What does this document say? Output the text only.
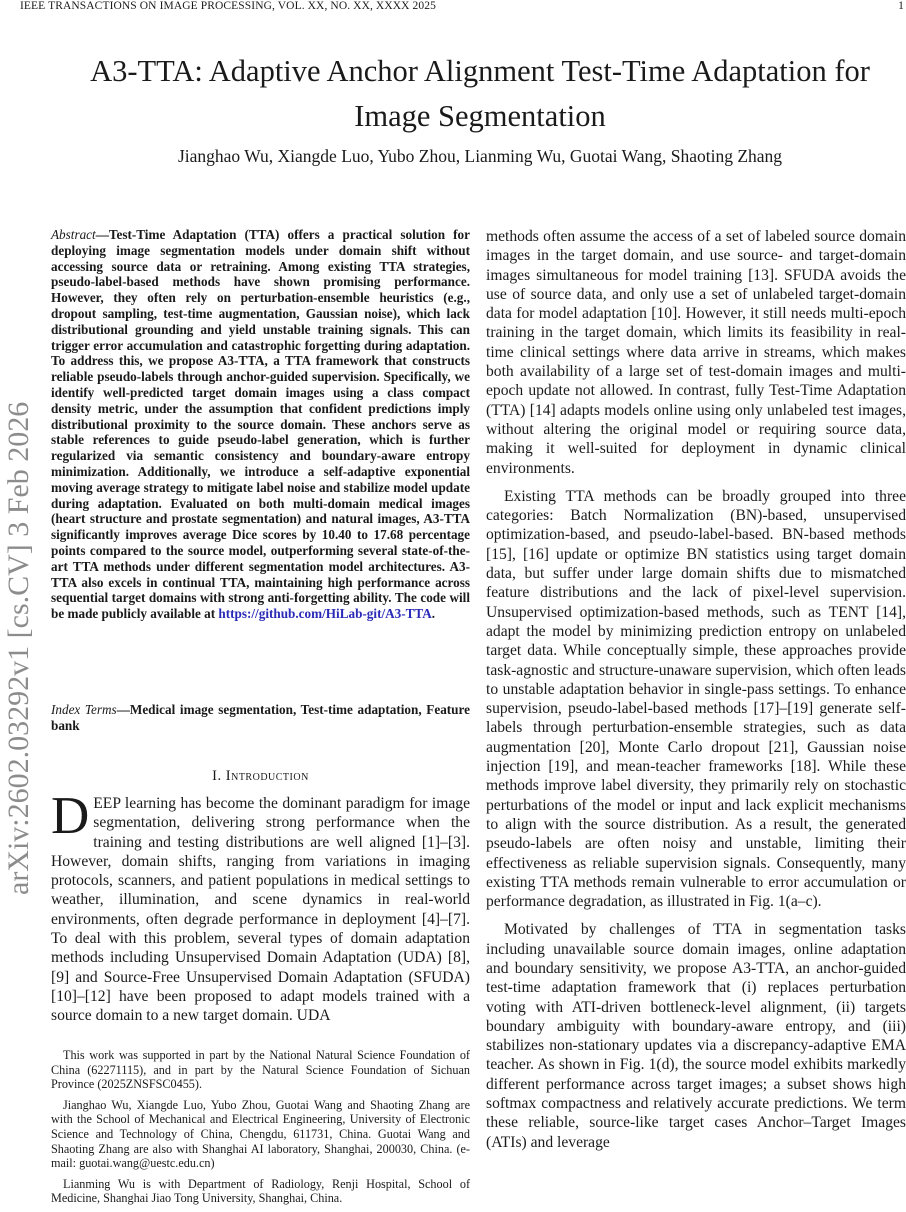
IEEE TRANSACTIONS ON IMAGE PROCESSING, VOL. XX, NO. XX, XXXX 2025	1
arXiv:2602.03292v1 [cs.CV] 3 Feb 2026
A3-TTA: Adaptive Anchor Alignment Test-Time Adaptation for Image Segmentation
Jianghao Wu, Xiangde Luo, Yubo Zhou, Lianming Wu, Guotai Wang, Shaoting Zhang
Abstract—Test-Time Adaptation (TTA) offers a practical solution for deploying image segmentation models under domain shift without accessing source data or retraining. Among existing TTA strategies, pseudo-label-based methods have shown promising performance. However, they often rely on perturbation-ensemble heuristics (e.g., dropout sampling, test-time augmentation, Gaussian noise), which lack distributional grounding and yield unstable training signals. This can trigger error accumulation and catastrophic forgetting during adaptation. To address this, we propose A3-TTA, a TTA framework that constructs reliable pseudo-labels through anchor-guided supervision. Specifically, we identify well-predicted target domain images using a class compact density metric, under the assumption that confident predictions imply distributional proximity to the source domain. These anchors serve as stable references to guide pseudo-label generation, which is further regularized via semantic consistency and boundary-aware entropy minimization. Additionally, we introduce a self-adaptive exponential moving average strategy to mitigate label noise and stabilize model update during adaptation. Evaluated on both multi-domain medical images (heart structure and prostate segmentation) and natural images, A3-TTA significantly improves average Dice scores by 10.40 to 17.68 percentage points compared to the source model, outperforming several state-of-the-art TTA methods under different segmentation model architectures. A3-TTA also excels in continual TTA, maintaining high performance across sequential target domains with strong anti-forgetting ability. The code will be made publicly available at https://github.com/HiLab-git/A3-TTA.
Index Terms—Medical image segmentation, Test-time adaptation, Feature bank
I. Introduction

DEEP learning has become the dominant paradigm for image segmentation, delivering strong performance when the training and testing distributions are well aligned [1]–[3]. However, domain shifts, ranging from variations in imaging protocols, scanners, and patient populations in medical settings to weather, illumination, and scene dynamics in real-world environments, often degrade performance in deployment [4]–[7]. To deal with this problem, several types of domain adaptation methods including Unsupervised Domain Adaptation (UDA) [8], [9] and Source-Free Unsupervised Domain Adaptation (SFUDA) [10]–[12] have been proposed to adapt models trained with a source domain to a new target domain. UDA

This work was supported in part by the National Natural Science Foundation of China (62271115), and in part by the Natural Science Foundation of Sichuan Province (2025ZNSFSC0455).

Jianghao Wu, Xiangde Luo, Yubo Zhou, Guotai Wang and Shaoting Zhang are with the School of Mechanical and Electrical Engineering, University of Electronic Science and Technology of China, Chengdu, 611731, China. Guotai Wang and Shaoting Zhang are also with Shanghai AI laboratory, Shanghai, 200030, China. (e-mail: guotai.wang@uestc.edu.cn)

Lianming Wu is with Department of Radiology, Renji Hospital, School of Medicine, Shanghai Jiao Tong University, Shanghai, China.

methods often assume the access of a set of labeled source domain images in the target domain, and use source- and target-domain images simultaneous for model training [13]. SFUDA avoids the use of source data, and only use a set of unlabeled target-domain data for model adaptation [10]. However, it still needs multi-epoch training in the target domain, which limits its feasibility in real-time clinical settings where data arrive in streams, which makes both availability of a large set of test-domain images and multi-epoch update not allowed. In contrast, fully Test-Time Adaptation (TTA) [14] adapts models online using only unlabeled test images, without altering the original model or requiring source data, making it well-suited for deployment in dynamic clinical environments.

Existing TTA methods can be broadly grouped into three categories: Batch Normalization (BN)-based, unsupervised optimization-based, and pseudo-label-based. BN-based methods [15], [16] update or optimize BN statistics using target domain data, but suffer under large domain shifts due to mismatched feature distributions and the lack of pixel-level supervision. Unsupervised optimization-based methods, such as TENT [14], adapt the model by minimizing prediction entropy on unlabeled target data. While conceptually simple, these approaches provide task-agnostic and structure-unaware supervision, which often leads to unstable adaptation behavior in single-pass settings. To enhance supervision, pseudo-label-based methods [17]–[19] generate self-labels through perturbation-ensemble strategies, such as data augmentation [20], Monte Carlo dropout [21], Gaussian noise injection [19], and mean-teacher frameworks [18]. While these methods improve label diversity, they primarily rely on stochastic perturbations of the model or input and lack explicit mechanisms to align with the source distribution. As a result, the generated pseudo-labels are often noisy and unstable, limiting their effectiveness as reliable supervision signals. Consequently, many existing TTA methods remain vulnerable to error accumulation or performance degradation, as illustrated in Fig. 1(a–c).

Motivated by challenges of TTA in segmentation tasks including unavailable source domain images, online adaptation and boundary sensitivity, we propose A3-TTA, an anchor-guided test-time adaptation framework that (i) replaces perturbation voting with ATI-driven bottleneck-level alignment, (ii) targets boundary ambiguity with boundary-aware entropy, and (iii) stabilizes non-stationary updates via a discrepancy-adaptive EMA teacher. As shown in Fig. 1(d), the source model exhibits markedly different performance across target images; a subset shows high softmax compactness and relatively accurate predictions. We term these reliable, source-like target cases Anchor–Target Images (ATIs) and leverage
